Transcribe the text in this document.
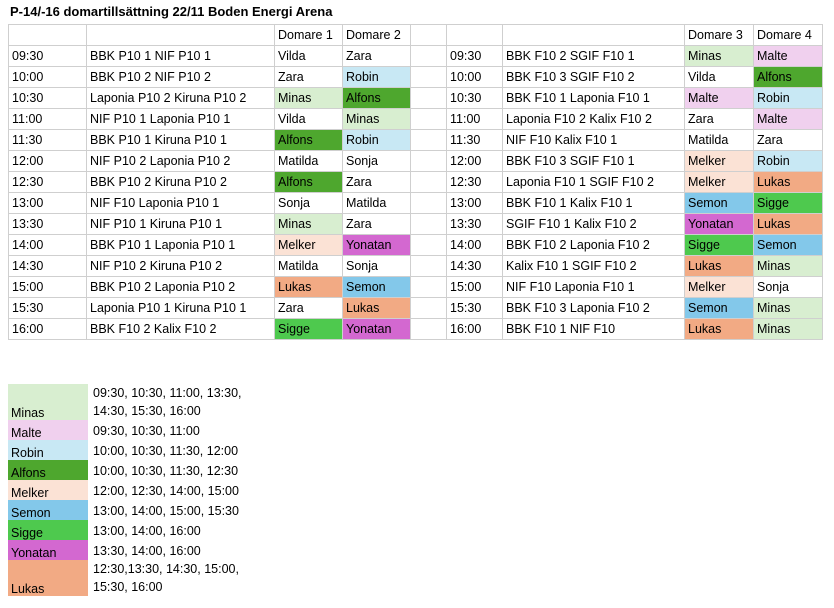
P-14/-16 domartillsättning 22/11 Boden Energi Arena
		Domare 1	Domare 2	
09:30	BBK P10 1 NIF P10 1	Vilda	Zara	
10:00	BBK P10 2 NIF P10 2	Zara	Robin	
10:30	Laponia P10 2 Kiruna P10 2	Minas	Alfons	
11:00	NIF P10 1 Laponia P10 1	Vilda	Minas	
11:30	BBK P10 1 Kiruna P10 1	Alfons	Robin	
12:00	NIF P10 2 Laponia P10 2	Matilda	Sonja	
12:30	BBK P10 2 Kiruna P10 2	Alfons	Zara	
13:00	NIF F10 Laponia P10 1	Sonja	Matilda	
13:30	NIF P10 1 Kiruna P10 1	Minas	Zara	
14:00	BBK P10 1 Laponia P10 1	Melker	Yonatan	
14:30	NIF P10 2 Kiruna P10 2	Matilda	Sonja	
15:00	BBK P10 2 Laponia P10 2	Lukas	Semon	
15:30	Laponia P10 1 Kiruna P10 1	Zara	Lukas	
16:00	BBK F10 2 Kalix F10 2	Sigge	Yonatan	
		Domare 3	Domare 4
09:30	BBK F10 2 SGIF F10 1	Minas	Malte
10:00	BBK F10 3 SGIF F10 2	Vilda	Alfons
10:30	BBK F10 1 Laponia F10 1	Malte	Robin
11:00	Laponia F10 2 Kalix F10 2	Zara	Malte
11:30	NIF F10 Kalix F10 1	Matilda	Zara
12:00	BBK F10 3 SGIF F10 1	Melker	Robin
12:30	Laponia F10 1 SGIF F10 2	Melker	Lukas
13:00	BBK F10 1 Kalix F10 1	Semon	Sigge
13:30	SGIF F10 1 Kalix F10 2	Yonatan	Lukas
14:00	BBK F10 2 Laponia F10 2	Sigge	Semon
14:30	Kalix F10 1 SGIF F10 2	Lukas	Minas
15:00	NIF F10 Laponia F10 1	Melker	Sonja
15:30	BBK F10 3 Laponia F10 2	Semon	Minas
16:00	BBK F10 1 NIF F10	Lukas	Minas
Minas	09:30, 10:30, 11:00, 13:30,
14:30, 15:30, 16:00

Malte	09:30, 10:30, 11:00

Robin	10:00, 10:30, 11:30, 12:00

Alfons	10:00, 10:30, 11:30, 12:30

Melker	12:00, 12:30, 14:00, 15:00

Semon	13:00, 14:00, 15:00, 15:30

Sigge	13:00, 14:00, 16:00

Yonatan	13:30, 14:00, 16:00

Lukas	12:30,13:30, 14:30, 15:00,
15:30, 16:00
